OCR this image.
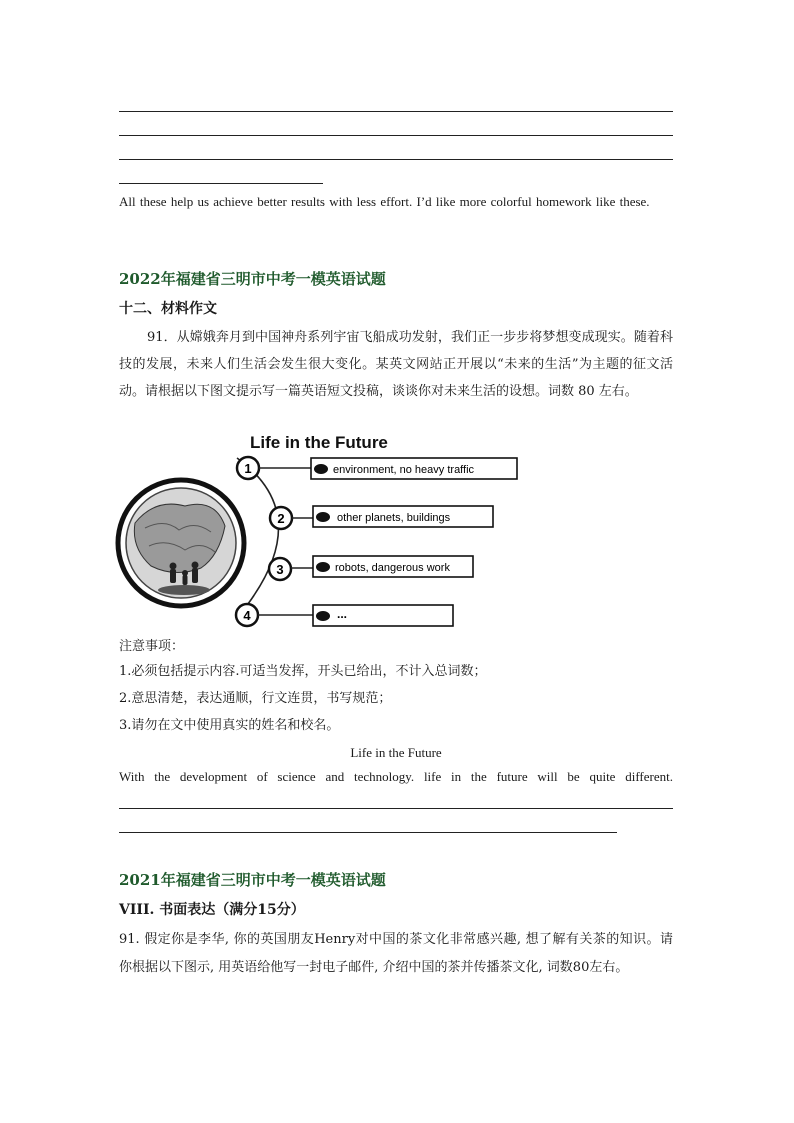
All these help us achieve better results with less effort. I’d like more colorful homework like these.
2022年福建省三明市中考一模英语试题
十二、材料作文
91．从嫦娥奔月到中国神舟系列宇宙飞船成功发射，我们正一步步将梦想变成现实。随着科技的发展，未来人们生活会发生很大变化。某英文网站正开展以“未来的生活”为主题的征文活动。请根据以下图文提示写一篇英语短文投稿，谈谈你对未来生活的设想。词数 80 左右。
Life in the Future
1
2
3
4
environment, no heavy traffic
other planets, buildings
robots, dangerous work
...
注意事项：
1.必须包括提示内容.可适当发挥，开头已给出，不计入总词数；
2.意思清楚，表达通顺，行文连贯，书写规范；
3.请勿在文中使用真实的姓名和校名。
Life in the Future
With the development of science and technology. life in the future will be quite different.
2021年福建省三明市中考一模英语试题
VIII. 书面表达（满分15分）
91. 假定你是李华, 你的英国朋友Henry对中国的茶文化非常感兴趣, 想了解有关茶的知识。请 你根据以下图示, 用英语给他写一封电子邮件, 介绍中国的茶并传播茶文化, 词数80左右。
